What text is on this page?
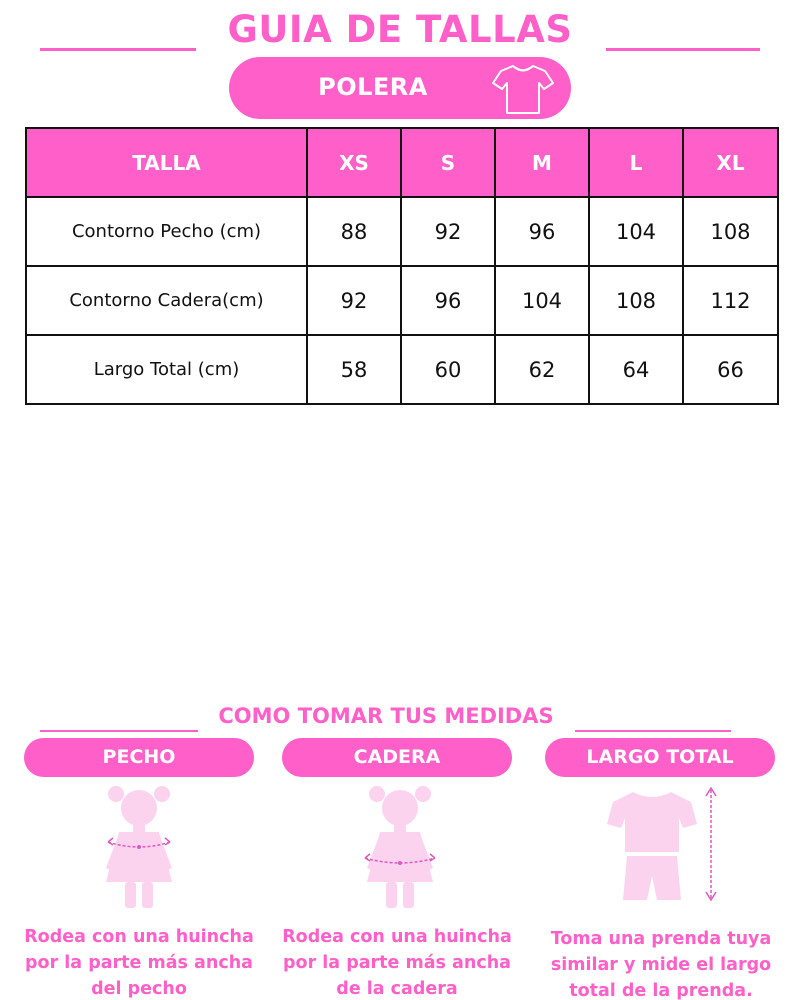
GUIA DE TALLAS
POLERA
TALLA	XS	S	M	L	XL
Contorno Pecho (cm)	88	92	96	104	108
Contorno Cadera(cm)	92	96	104	108	112
Largo Total (cm)	58	60	62	64	66
COMO TOMAR TUS MEDIDAS
PECHO	CADERA	LARGO TOTAL
Rodea con una huincha
por la parte más ancha
del pecho
Rodea con una huincha
por la parte más ancha
de la cadera
Toma una prenda tuya
similar y mide el largo
total de la prenda.
